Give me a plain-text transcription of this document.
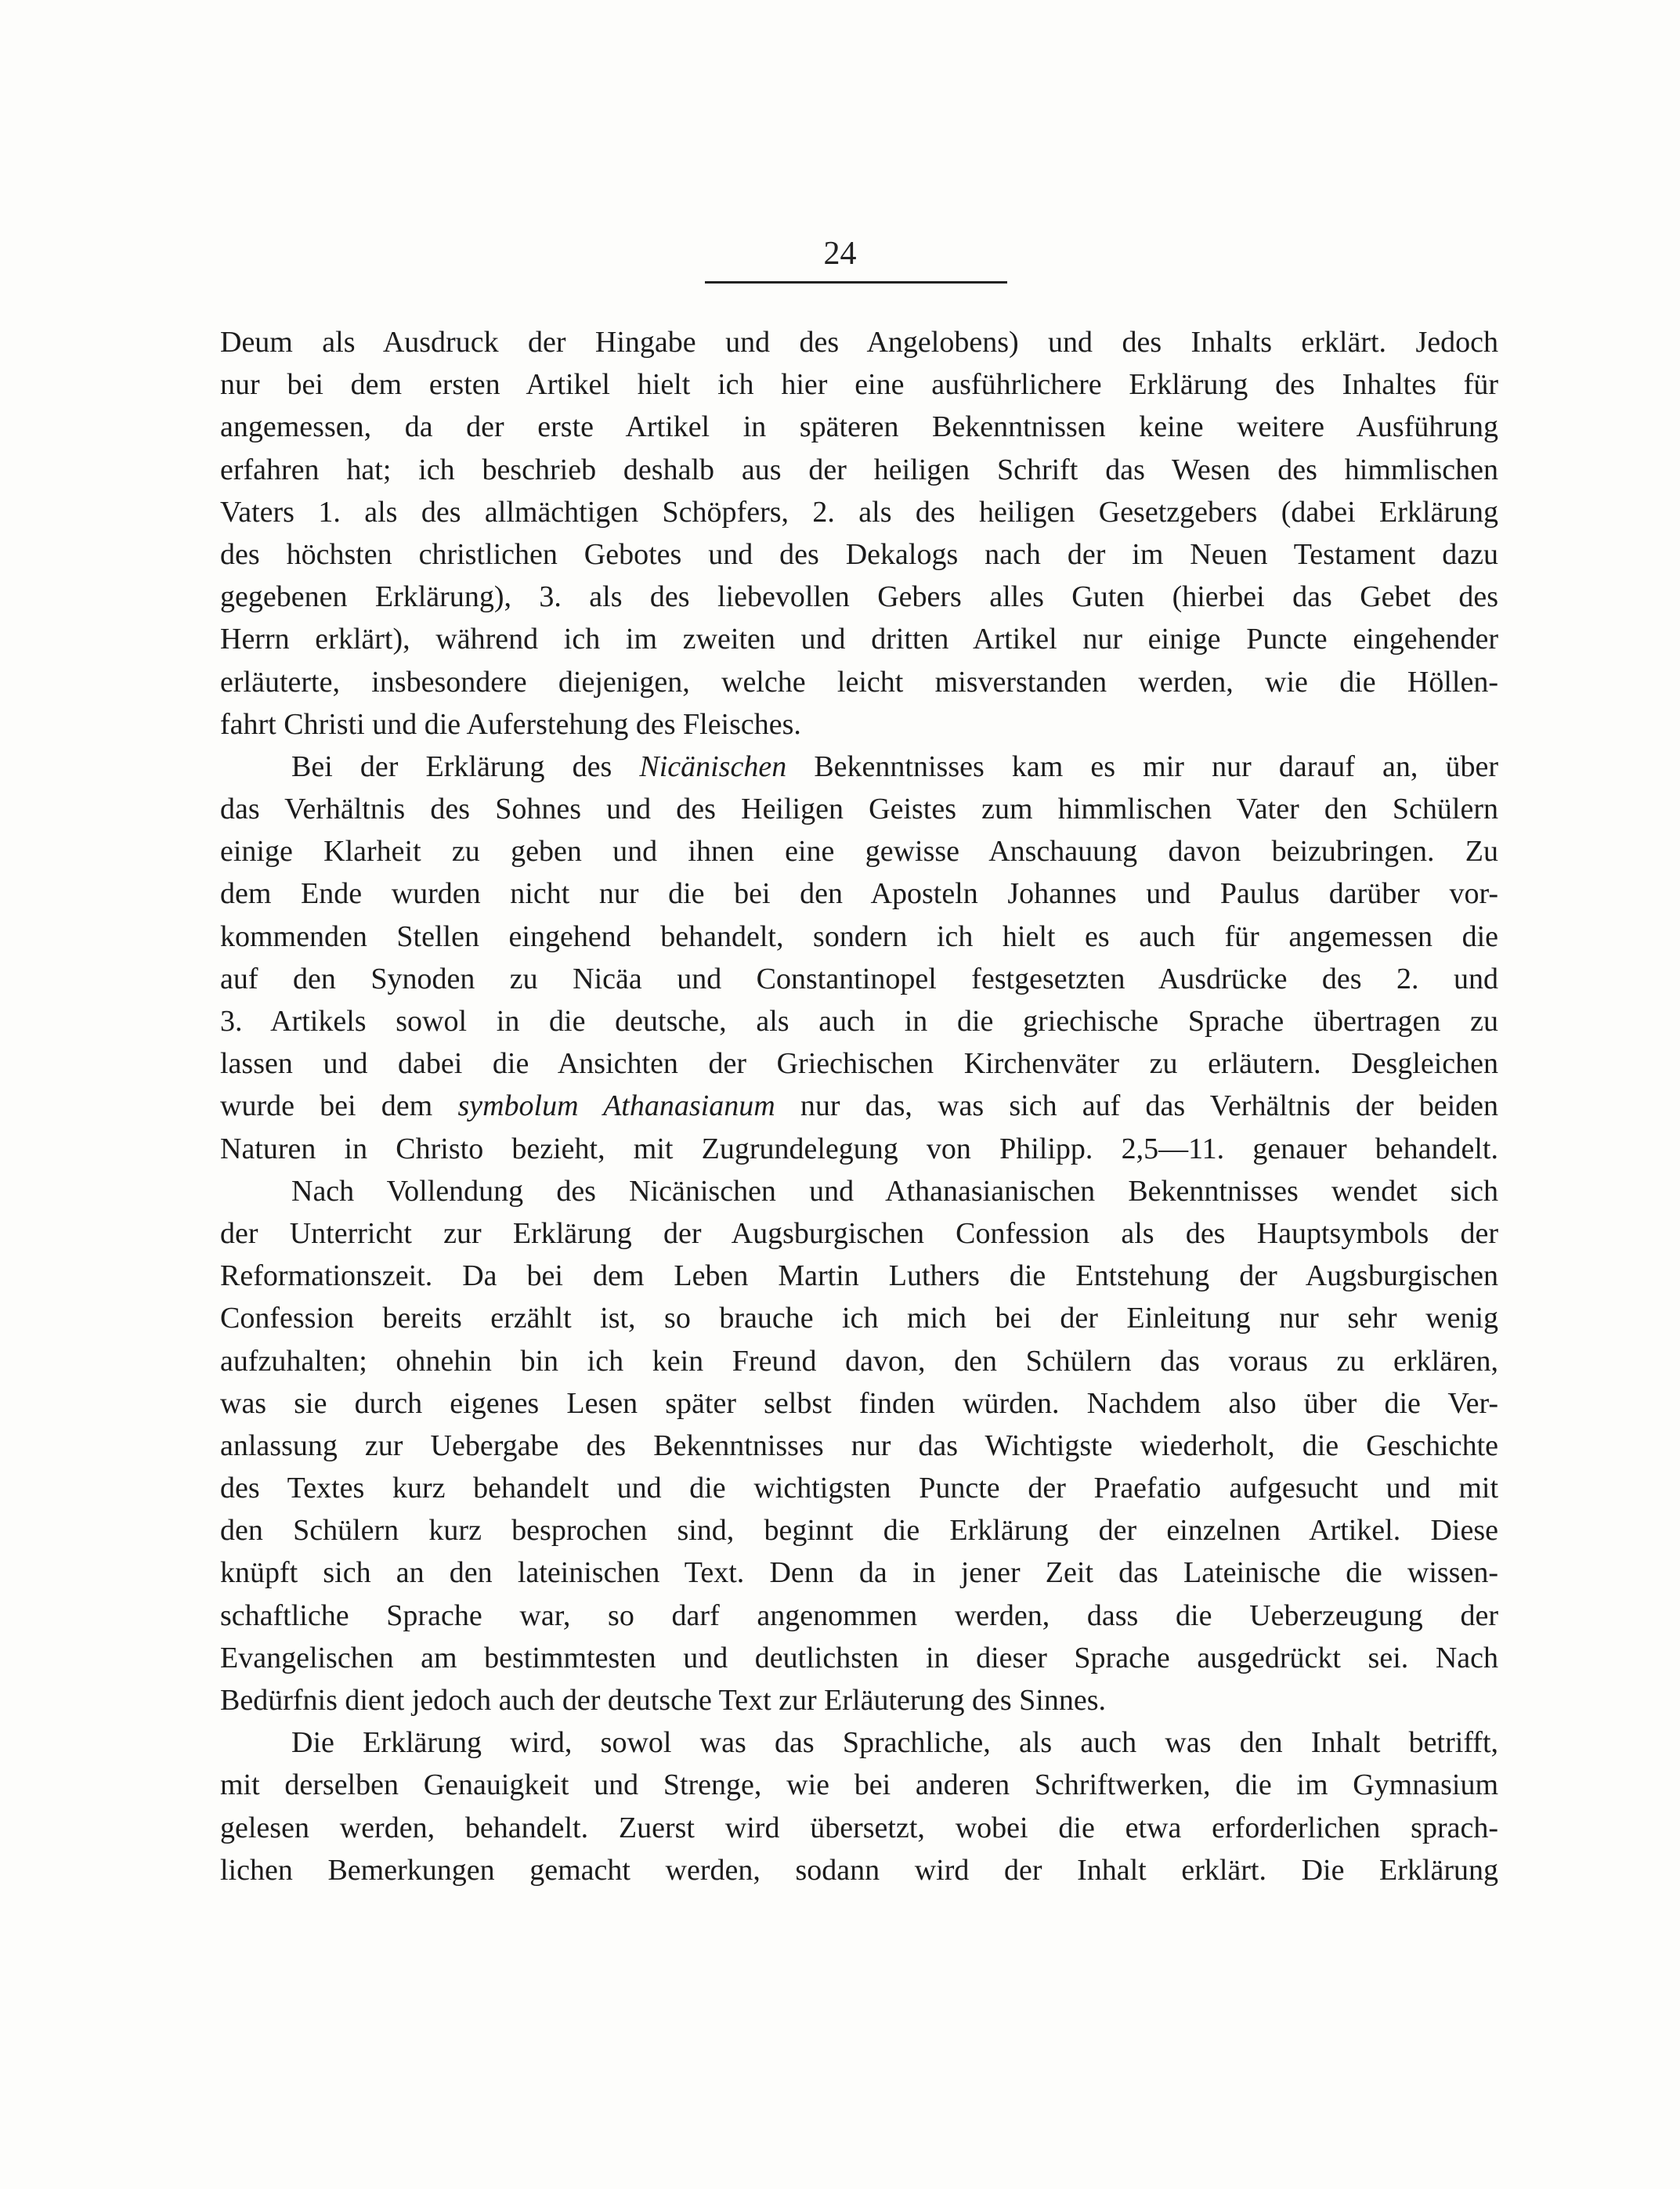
24
Deum als Ausdruck der Hingabe und des Angelobens) und des Inhalts erklärt. Jedoch
nur bei dem ersten Artikel hielt ich hier eine ausführlichere Erklärung des Inhaltes für
angemessen, da der erste Artikel in späteren Bekenntnissen keine weitere Ausführung
erfahren hat; ich beschrieb deshalb aus der heiligen Schrift das Wesen des himmlischen
Vaters 1. als des allmächtigen Schöpfers, 2. als des heiligen Gesetzgebers (dabei Erklärung
des höchsten christlichen Gebotes und des Dekalogs nach der im Neuen Testament dazu
gegebenen Erklärung), 3. als des liebevollen Gebers alles Guten (hierbei das Gebet des
Herrn erklärt), während ich im zweiten und dritten Artikel nur einige Puncte eingehender
erläuterte, insbesondere diejenigen, welche leicht misverstanden werden, wie die Höllen-
fahrt Christi und die Auferstehung des Fleisches.
Bei der Erklärung des Nicänischen Bekenntnisses kam es mir nur darauf an, über
das Verhältnis des Sohnes und des Heiligen Geistes zum himmlischen Vater den Schülern
einige Klarheit zu geben und ihnen eine gewisse Anschauung davon beizubringen. Zu
dem Ende wurden nicht nur die bei den Aposteln Johannes und Paulus darüber vor-
kommenden Stellen eingehend behandelt, sondern ich hielt es auch für angemessen die
auf den Synoden zu Nicäa und Constantinopel festgesetzten Ausdrücke des 2. und
3. Artikels sowol in die deutsche, als auch in die griechische Sprache übertragen zu
lassen und dabei die Ansichten der Griechischen Kirchenväter zu erläutern. Desgleichen
wurde bei dem symbolum Athanasianum nur das, was sich auf das Verhältnis der beiden
Naturen in Christo bezieht, mit Zugrundelegung von Philipp. 2,5—11. genauer behandelt.
Nach Vollendung des Nicänischen und Athanasianischen Bekenntnisses wendet sich
der Unterricht zur Erklärung der Augsburgischen Confession als des Hauptsymbols der
Reformationszeit. Da bei dem Leben Martin Luthers die Entstehung der Augsburgischen
Confession bereits erzählt ist, so brauche ich mich bei der Einleitung nur sehr wenig
aufzuhalten; ohnehin bin ich kein Freund davon, den Schülern das voraus zu erklären,
was sie durch eigenes Lesen später selbst finden würden. Nachdem also über die Ver-
anlassung zur Uebergabe des Bekenntnisses nur das Wichtigste wiederholt, die Geschichte
des Textes kurz behandelt und die wichtigsten Puncte der Praefatio aufgesucht und mit
den Schülern kurz besprochen sind, beginnt die Erklärung der einzelnen Artikel. Diese
knüpft sich an den lateinischen Text. Denn da in jener Zeit das Lateinische die wissen-
schaftliche Sprache war, so darf angenommen werden, dass die Ueberzeugung der
Evangelischen am bestimmtesten und deutlichsten in dieser Sprache ausgedrückt sei. Nach
Bedürfnis dient jedoch auch der deutsche Text zur Erläuterung des Sinnes.
Die Erklärung wird, sowol was das Sprachliche, als auch was den Inhalt betrifft,
mit derselben Genauigkeit und Strenge, wie bei anderen Schriftwerken, die im Gymnasium
gelesen werden, behandelt. Zuerst wird übersetzt, wobei die etwa erforderlichen sprach-
lichen Bemerkungen gemacht werden, sodann wird der Inhalt erklärt. Die Erklärung
